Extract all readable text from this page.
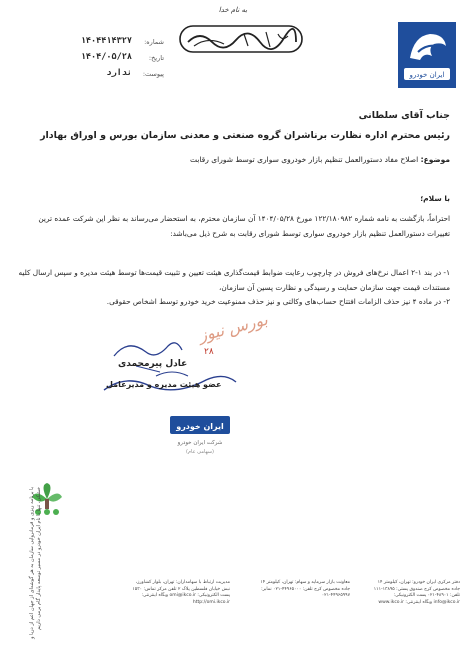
به نام خدا
ایران خودرو
شماره:
۱۴۰۴۴۱۴۳۲۷
تاریخ:
۱۴۰۴/۰۵/۲۸
پیوست:
ندارد
جناب آقای سلطانی
رئیس محترم اداره نظارت برناشران گروه صنعتی و معدنی سازمان بورس و اوراق بهادار
موضوع: اصلاح مفاد دستورالعمل تنظیم بازار خودروی سواری توسط شورای رقابت
با سلام؛
احتراماً، بازگشت به نامه شماره ۱۲۲/۱۸۰۹۸۲ مورخ ۱۴۰۴/۰۵/۲۸ آن سازمان محترم، به استحضار می‌رساند به نظر این شرکت عمده ترین تغییرات دستورالعمل تنظیم بازار خودروی سواری توسط شورای رقابت به شرح ذیل می‌باشد:
۱- در بند ۱-۲ اعمال نرخ‌های فروش در چارچوب رعایت ضوابط قیمت‌گذاری هیئت تعیین و تثبیت قیمت‌ها توسط هیئت مدیره و سپس ارسال کلیه مستندات قیمت جهت سازمان حمایت و رسیدگی و نظارت پسین آن سازمان،
۲- در ماده ۴ نیز حذف الزامات افتتاح حساب‌های وکالتی و نیز حذف ممنوعیت خرید خودرو توسط اشخاص حقوقی.
بورس نیوز
۲۸
عادل پیرمحمدی
عضو هیئت مدیره و مدیرعامل
ایران خودرو
شرکت ایران خودرو
(سهامی عام)
با برنامه ریزی و فرمانروایی سازمان به هر گوشه‌ای از جهان اعم از دریا و خشکی، تنها با نام ایران خودرو در مسیر توسعه پایدار گام برمی داریم	دفتر مرکزی ایران خودرو: تهران، کیلومتر ۱۴ جاده مخصوص کرج صندوق پستی: ۱۳۸۹۵-۱۱۱ تلفن: ۴۸۹۰۱-۰۲۱ پست الکترونیکی: info@ikco.ir وبگاه اینترنتی: www.ikco.ir
معاونت بازار سرمایه و سهام: تهران، کیلومتر ۱۴ جاده مخصوص کرج تلفن: ۴۴۹۶۵۰۰۰-۰۲۱ نمابر: ۴۴۹۶۵۹۹۷-۰۲۱
مدیریت ارتباط با سهامداران: تهران، بلوار کشاورز، نبش خیابان فلسطین پلاک ۲ تلفن مرکز تماس: ۱۵۳۰ پست الکترونیکی: omi@ikco.ir وبگاه اینترنتی: http://omi.ikco.ir
